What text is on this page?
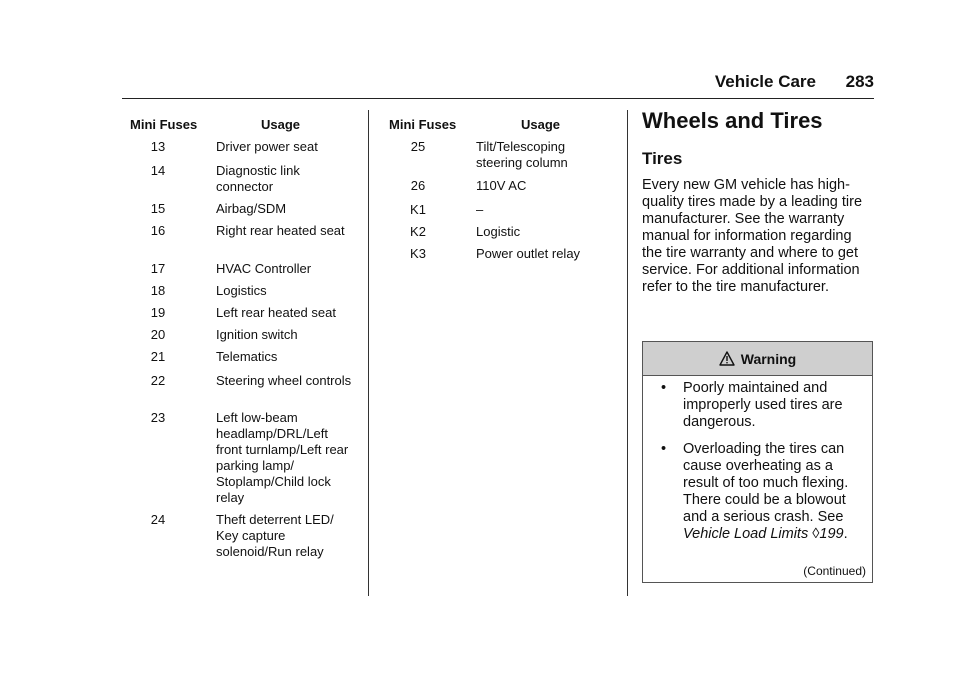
Vehicle Care 283
Mini Fuses	Usage
13	Driver power seat
14	Diagnostic link connector
15	Airbag/SDM
16	Right rear heated seat
17	HVAC Controller
18	Logistics
19	Left rear heated seat
20	Ignition switch
21	Telematics
22	Steering wheel controls
23	Left low-beam headlamp/DRL/Left front turnlamp/Left rear parking lamp/ Stoplamp/Child lock relay
24	Theft deterrent LED/ Key capture solenoid/Run relay
Mini Fuses	Usage
25	Tilt/Telescoping steering column
26	110V AC
K1	–
K2	Logistic
K3	Power outlet relay
Wheels and Tires
Tires
Every new GM vehicle has high-quality tires made by a leading tire manufacturer. See the warranty manual for information regarding the tire warranty and where to get service. For additional information refer to the tire manufacturer.
Warning
• Poorly maintained and improperly used tires are dangerous.
• Overloading the tires can cause overheating as a result of too much flexing. There could be a blowout and a serious crash. See Vehicle Load Limits ◊199.
(Continued)
